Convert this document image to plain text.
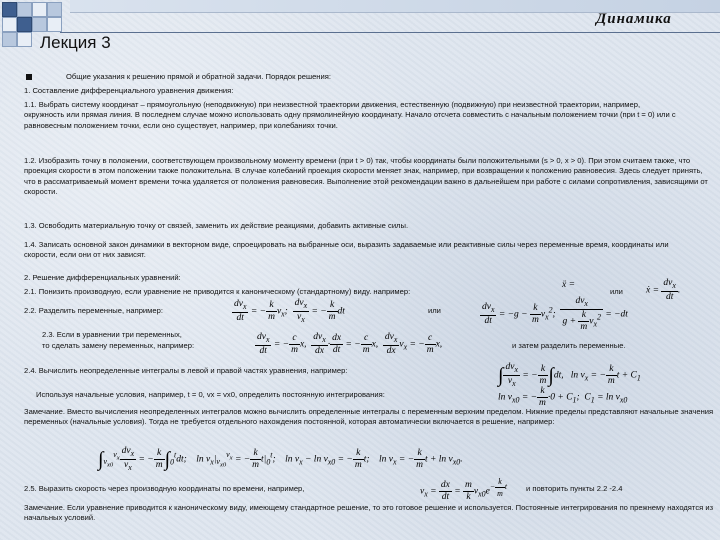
Динамика
Лекция 3
Общие указания к решению прямой и обратной задачи. Порядок решения:
1. Составление дифференциального уравнения движения:
1.1. Выбрать систему координат – прямоугольную (неподвижную) при неизвестной траектории движения, естественную (подвижную) при неизвестной траектории, например, окружность или прямая линия. В последнем случае можно использовать одну прямолинейную координату. Начало отсчета совместить с начальным положением точки (при t = 0) или с равновесным положением точки, если оно существует, например, при колебаниях точки.
1.2. Изобразить точку в положении, соответствующем произвольному моменту времени (при t > 0) так, чтобы координаты были положительными (s > 0, x > 0). При этом считаем также, что проекция скорости в этом положении также положительна. В случае колебаний проекция скорости меняет знак, например, при возвращении к положению равновесия. Здесь следует принять, что в рассматриваемый момент времени точка удаляется от положения равновесия. Выполнение этой рекомендации важно в дальнейшем при работе с силами сопротивления, зависящими от скорости.
1.3. Освободить материальную точку от связей, заменить их действие реакциями, добавить активные силы.
1.4. Записать основной закон динамики в векторном виде, спроецировать на выбранные оси, выразить задаваемые или реактивные силы через переменные время, координаты или скорости, если они от них зависят.
2. Решение дифференциальных уравнений:
2.1. Понизить производную, если уравнение не приводится к каноническому (стандартному) виду. например:
ẍ =
или ẋ = $\frac{dv_x}{dt}$ .
2.2. Разделить переменные, например:	$\frac{dv_x}{dt}$ = − $\frac{k}{m} v_x$; $\frac{dv_x}{v_x}$ = − $\frac{k}{m}$ dt	или	$\frac{dv_x}{dt} = -g - \frac{k}{m} v_x^2$; $\frac{dv_x}{g + \frac{k}{m} v_x^2} = -dt$
2.3. Если в уравнении три переменных,
то сделать замену переменных, например:	$\frac{dv_x}{dt}$ = − $\frac{c}{m} x$, $\frac{dv_x}{dx} \cdot \frac{dx}{dt}$ = − $\frac{c}{m} x$, $\frac{dv_x}{dx} v_x$ = − $\frac{c}{m} x$,	и затем разделить переменные.
2.4. Вычислить неопределенные интегралы в левой и правой частях уравнения, например:	∫ $\frac{dv_x}{v_x}$ = − $\frac{k}{m} \int dt$,   $\ln v_x$ = − $\frac{k}{m}$ $t + C_1$
Используя начальные условия, например, t = 0, vx = vx0, определить постоянную интегрирования:	$\ln v_{x0}$ = − $\frac{k}{m} \cdot 0 + C_1$;  $C_1 = \ln v_{x0}$
Замечание. Вместо вычисления неопределенных интегралов можно вычислить определенные интегралы с переменным верхним пределом. Нижние пределы представляют начальные значения переменных (начальные условия). Тогда не требуется отдельного нахождения постоянной, которая автоматически включается в решение, например:
$\int_{v_{x0}}^{v_x} \frac{dv_x}{v_x}$ = − $\frac{k}{m} \int_0^tdt$;    $\ln v_x|_{v_{x0}}^{v_x}$ = − $\frac{k}{m} t|_0^t$;    $\ln v_x - \ln v_{x0}$ = − $\frac{k}{m} t$;    $\ln v_x$ = − $\frac{k}{m}$ $t + \ln v_{x0}$.
2.5. Выразить скорость через производную координаты по времени, например,	$v_x = \frac{dx}{dt} = \frac{m}{k} v_{x0}e^{- \frac{k}{m} t}$ и повторить пункты 2.2 -2.4
Замечание. Если уравнение приводится к каноническому виду, имеющему стандартное решение, то это готовое решение и используется. Постоянные интегрирования по прежнему находятся из начальных условий.
